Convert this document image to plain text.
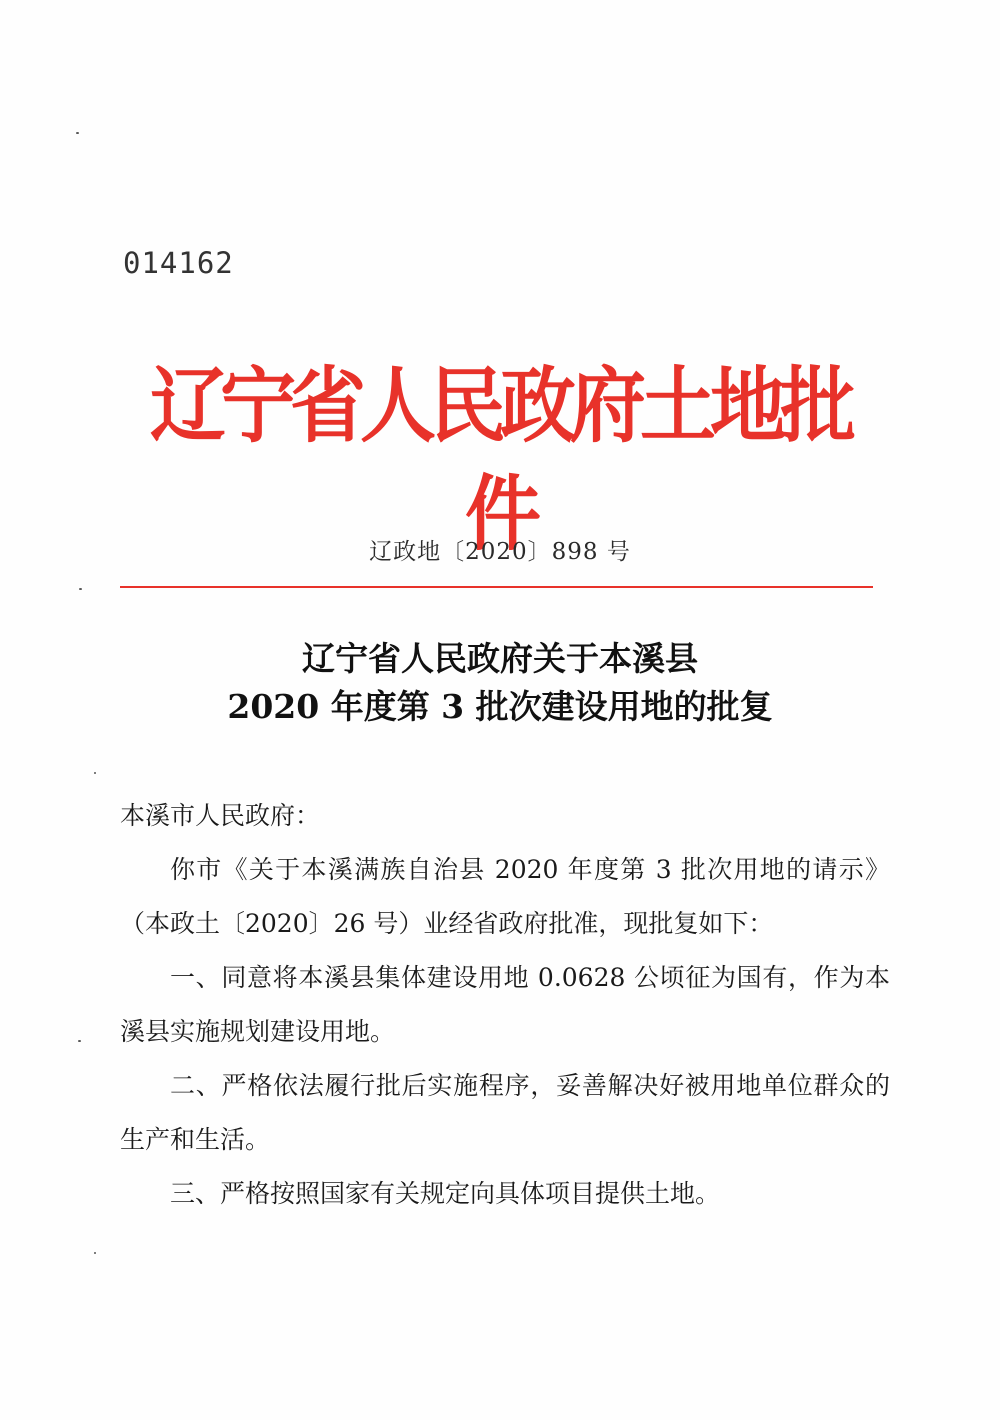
014162
辽宁省人民政府土地批件
辽政地〔2020〕898 号
辽宁省人民政府关于本溪县
2020 年度第 3 批次建设用地的批复

本溪市人民政府：

你市《关于本溪满族自治县 2020 年度第 3 批次用地的请示》（本政土〔2020〕26 号）业经省政府批准，现批复如下：

一、同意将本溪县集体建设用地 0.0628 公顷征为国有，作为本溪县实施规划建设用地。

二、严格依法履行批后实施程序，妥善解决好被用地单位群众的生产和生活。

三、严格按照国家有关规定向具体项目提供土地。
